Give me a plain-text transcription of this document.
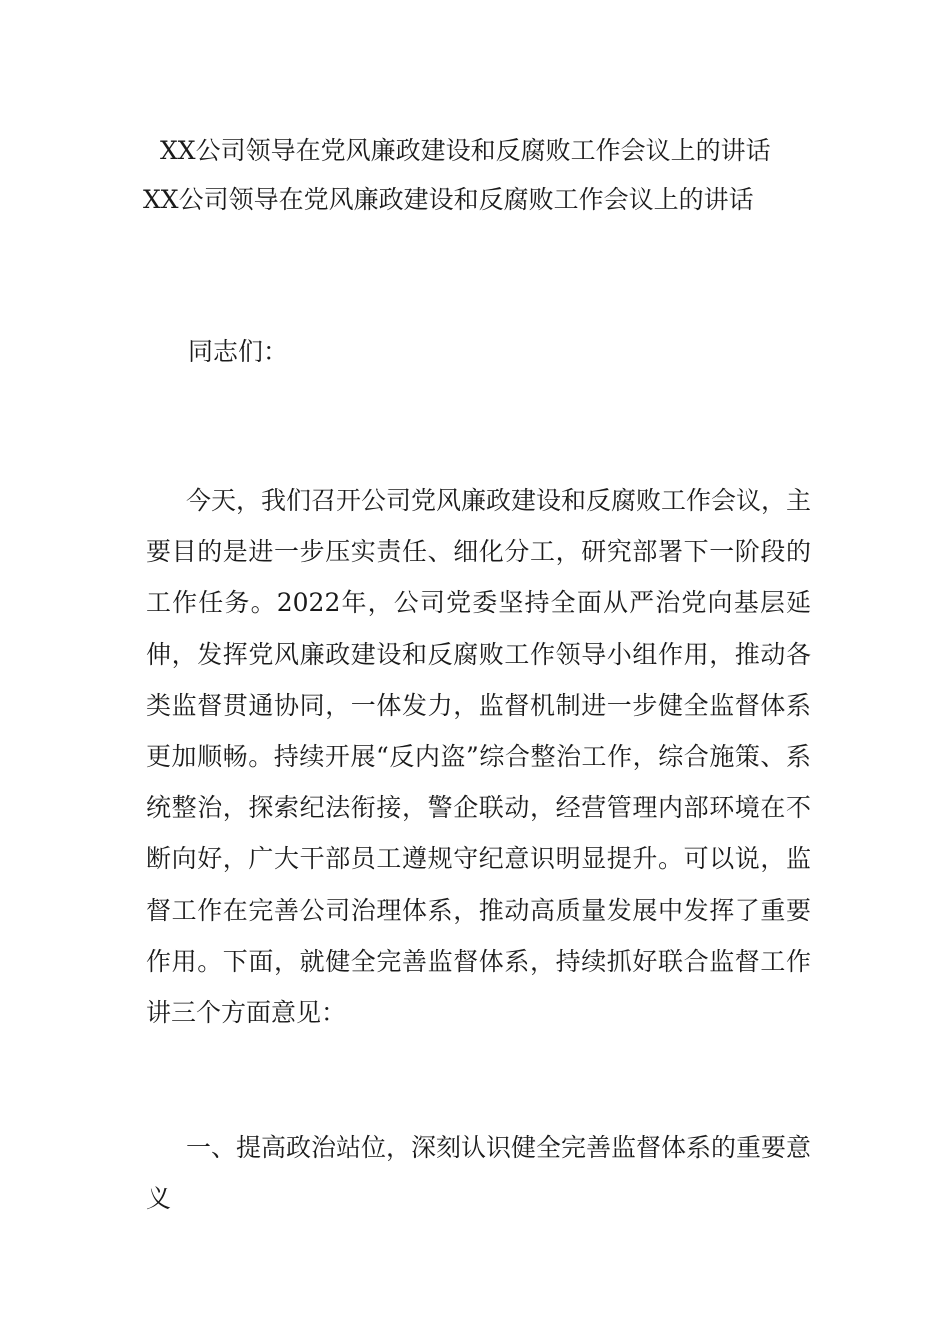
XX公司领导在党风廉政建设和反腐败工作会议上的讲话
XX公司领导在党风廉政建设和反腐败工作会议上的讲话
同志们：

今天，我们召开公司党风廉政建设和反腐败工作会议，主要目的是进一步压实责任、细化分工，研究部署下一阶段的工作任务。2022年，公司党委坚持全面从严治党向基层延伸，发挥党风廉政建设和反腐败工作领导小组作用，推动各类监督贯通协同，一体发力，监督机制进一步健全监督体系更加顺畅。持续开展“反内盗”综合整治工作，综合施策、系统整治，探索纪法衔接，警企联动，经营管理内部环境在不断向好，广大干部员工遵规守纪意识明显提升。可以说，监督工作在完善公司治理体系，推动高质量发展中发挥了重要作用。下面，就健全完善监督体系，持续抓好联合监督工作讲三个方面意见：

一、提高政治站位，深刻认识健全完善监督体系的重要意义
